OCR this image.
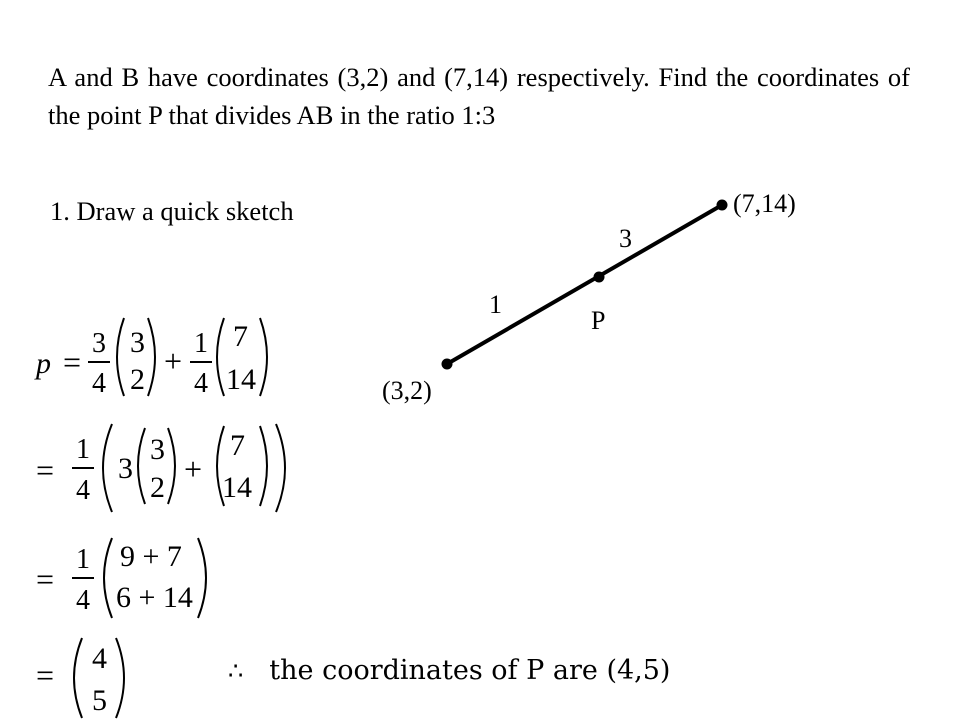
A and B have coordinates (3,2) and (7,14) respectively. Find the coordinates of the point P that divides AB in the ratio 1:3
1. Draw a quick sketch	(7,14)
(3,2)
P
1
3
p =
3
4
3
2
+ 1
4
7
14
=
1
4
3
3
2
+
7
14
=
1
4
9 + 7
6 + 14
= 4
5
∴ the coordinates of P are (4,5)
